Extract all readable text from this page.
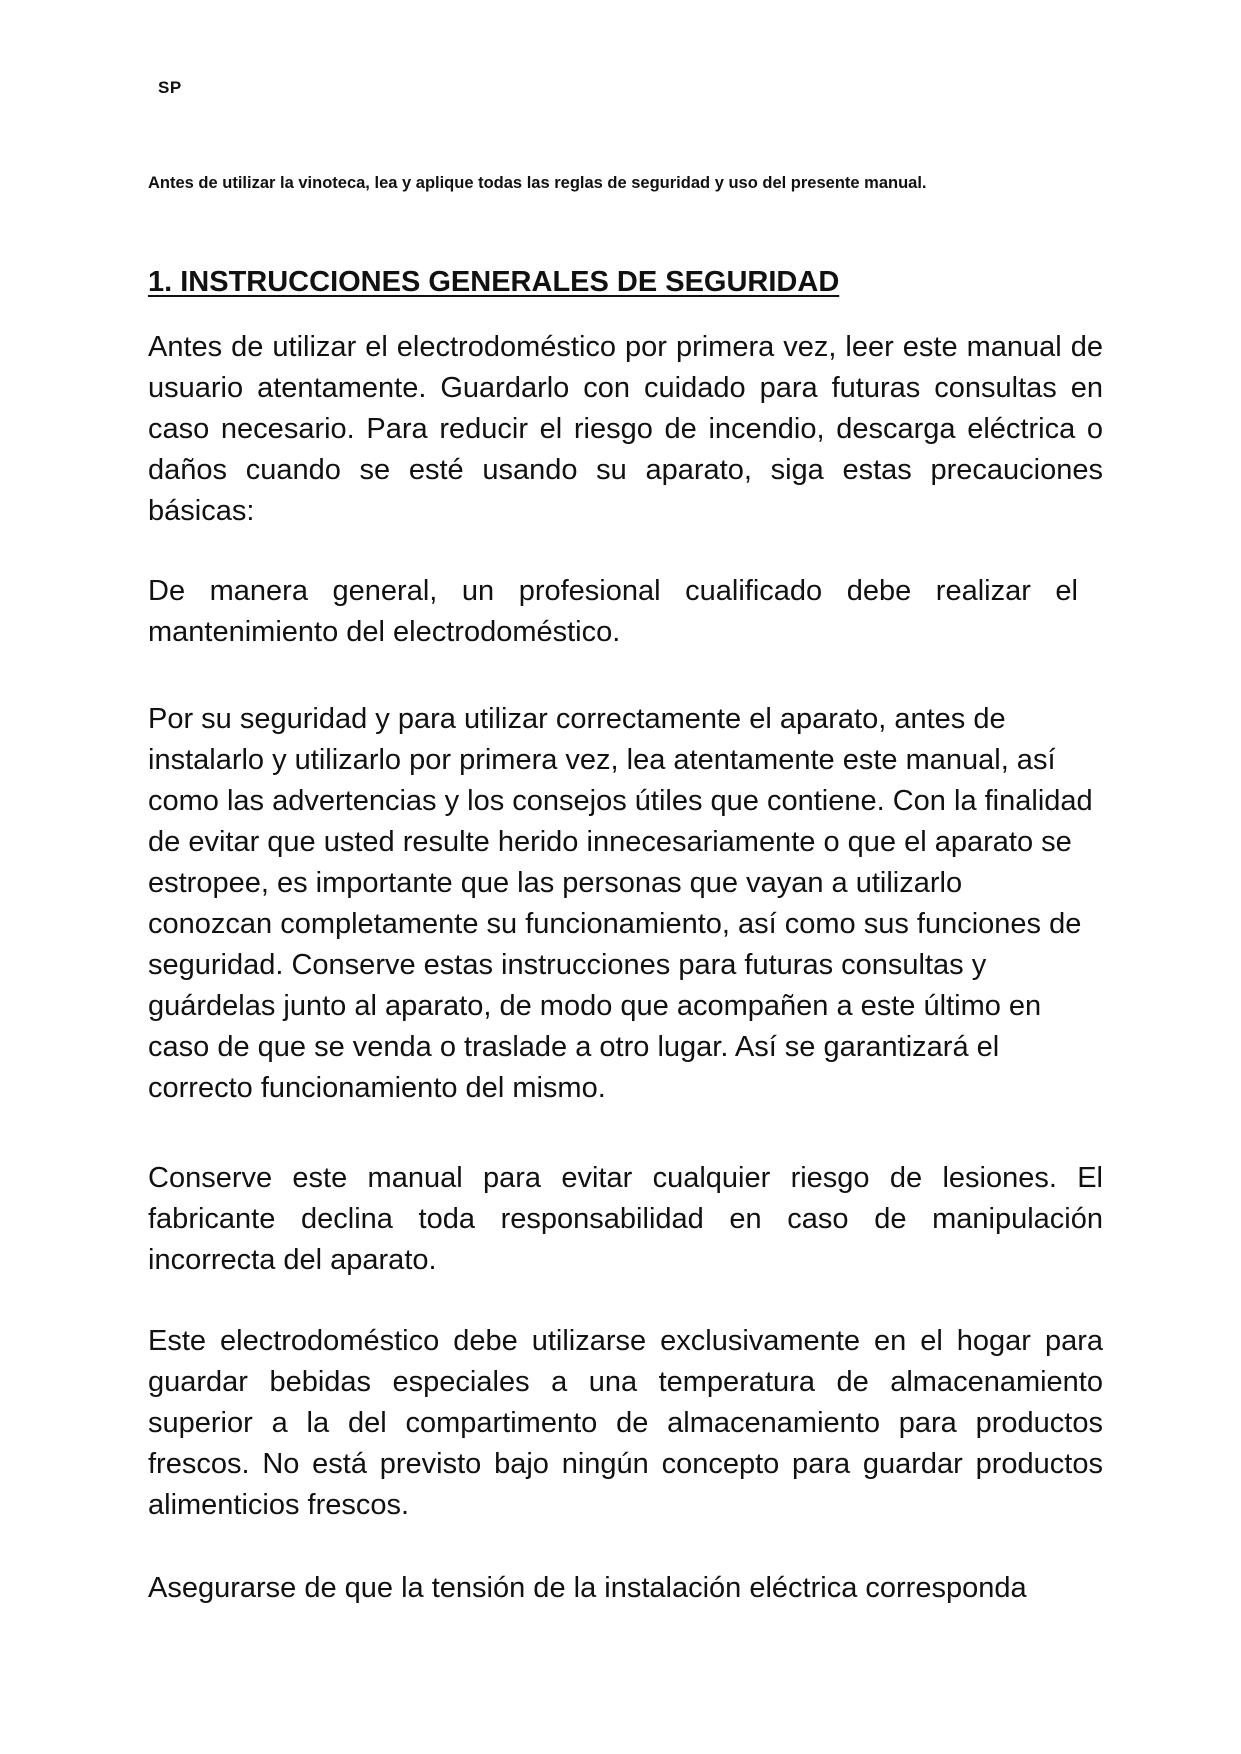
SP
Antes de utilizar la vinoteca, lea y aplique todas las reglas de seguridad y uso del presente manual.
1. INSTRUCCIONES GENERALES DE SEGURIDAD

Antes de utilizar el electrodoméstico por primera vez, leer este manual de usuario atentamente. Guardarlo con cuidado para futuras consultas en caso necesario. Para reducir el riesgo de incendio, descarga eléctrica o daños cuando se esté usando su aparato, siga estas precauciones básicas:

De manera general, un profesional cualificado debe realizar el mantenimiento del electrodoméstico.

Por su seguridad y para utilizar correctamente el aparato, antes de instalarlo y utilizarlo por primera vez, lea atentamente este manual, así como las advertencias y los consejos útiles que contiene. Con la finalidad de evitar que usted resulte herido innecesariamente o que el aparato se estropee, es importante que las personas que vayan a utilizarlo conozcan completamente su funcionamiento, así como sus funciones de seguridad. Conserve estas instrucciones para futuras consultas y guárdelas junto al aparato, de modo que acompañen a este último en caso de que se venda o traslade a otro lugar. Así se garantizará el correcto funcionamiento del mismo.

Conserve este manual para evitar cualquier riesgo de lesiones. El fabricante declina toda responsabilidad en caso de manipulación incorrecta del aparato.

Este electrodoméstico debe utilizarse exclusivamente en el hogar para guardar bebidas especiales a una temperatura de almacenamiento superior a la del compartimento de almacenamiento para productos frescos. No está previsto bajo ningún concepto para guardar productos alimenticios frescos.

Asegurarse de que la tensión de la instalación eléctrica corresponda
